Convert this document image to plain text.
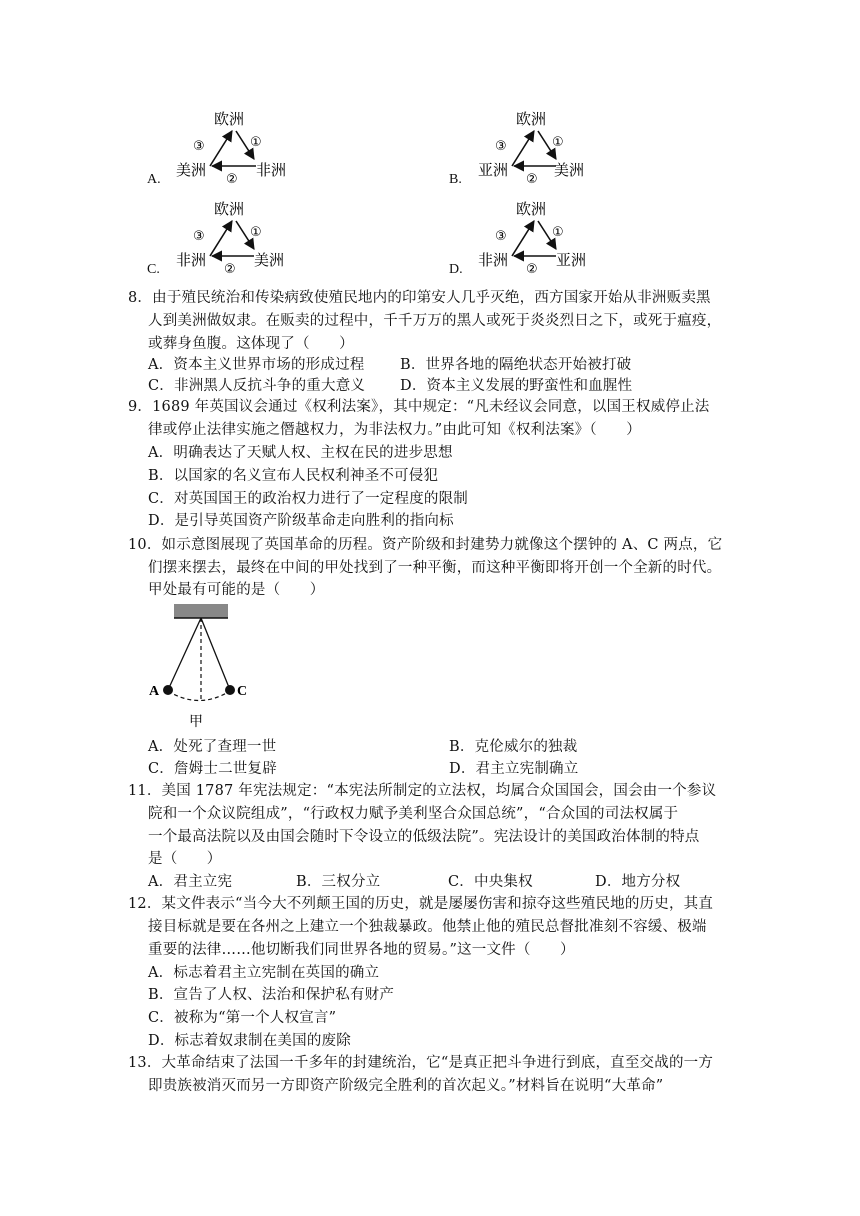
A.
欧洲
美洲	非洲
③	①
②	B.
欧洲
亚洲	美洲
③	①
②
C.
欧洲
非洲	美洲
③	①
②	D.
欧洲
非洲	亚洲
③	①
②
8．由于殖民统治和传染病致使殖民地内的印第安人几乎灭绝，西方国家开始从非洲贩卖黑
人到美洲做奴隶。在贩卖的过程中，千千万万的黑人或死于炎炎烈日之下，或死于瘟疫，
或葬身鱼腹。这体现了（　　）
A．资本主义世界市场的形成过程 B．世界各地的隔绝状态开始被打破
C．非洲黑人反抗斗争的重大意义 D．资本主义发展的野蛮性和血腥性
9．1689 年英国议会通过《权利法案》，其中规定：“凡未经议会同意，以国王权威停止法
律或停止法律实施之僭越权力，为非法权力。”由此可知《权利法案》（　　）
A．明确表达了天赋人权、主权在民的进步思想
B．以国家的名义宣布人民权利神圣不可侵犯
C．对英国国王的政治权力进行了一定程度的限制
D．是引导英国资产阶级革命走向胜利的指向标
10．如示意图展现了英国革命的历程。资产阶级和封建势力就像这个摆钟的 A、C 两点，它
们摆来摆去，最终在中间的甲处找到了一种平衡，而这种平衡即将开创一个全新的时代。
甲处最有可能的是（　　）
A	C
甲
A．处死了查理一世	B．克伦威尔的独裁
C．詹姆士二世复辟	D．君主立宪制确立
11．美国 1787 年宪法规定：“本宪法所制定的立法权，均属合众国国会，国会由一个参议
院和一个众议院组成”，“行政权力赋予美利坚合众国总统”，“合众国的司法权属于
一个最高法院以及由国会随时下令设立的低级法院”。宪法设计的美国政治体制的特点
是（　　）
A．君主立宪	B．三权分立	C．中央集权	D．地方分权
12．某文件表示“当今大不列颠王国的历史，就是屡屡伤害和掠夺这些殖民地的历史，其直
接目标就是要在各州之上建立一个独裁暴政。他禁止他的殖民总督批准刻不容缓、极端
重要的法律……他切断我们同世界各地的贸易。”这一文件（　　）
A．标志着君主立宪制在英国的确立
B．宣告了人权、法治和保护私有财产
C．被称为“第一个人权宣言”
D．标志着奴隶制在美国的废除
13．大革命结束了法国一千多年的封建统治，它“是真正把斗争进行到底，直至交战的一方
即贵族被消灭而另一方即资产阶级完全胜利的首次起义。”材料旨在说明“大革命”
